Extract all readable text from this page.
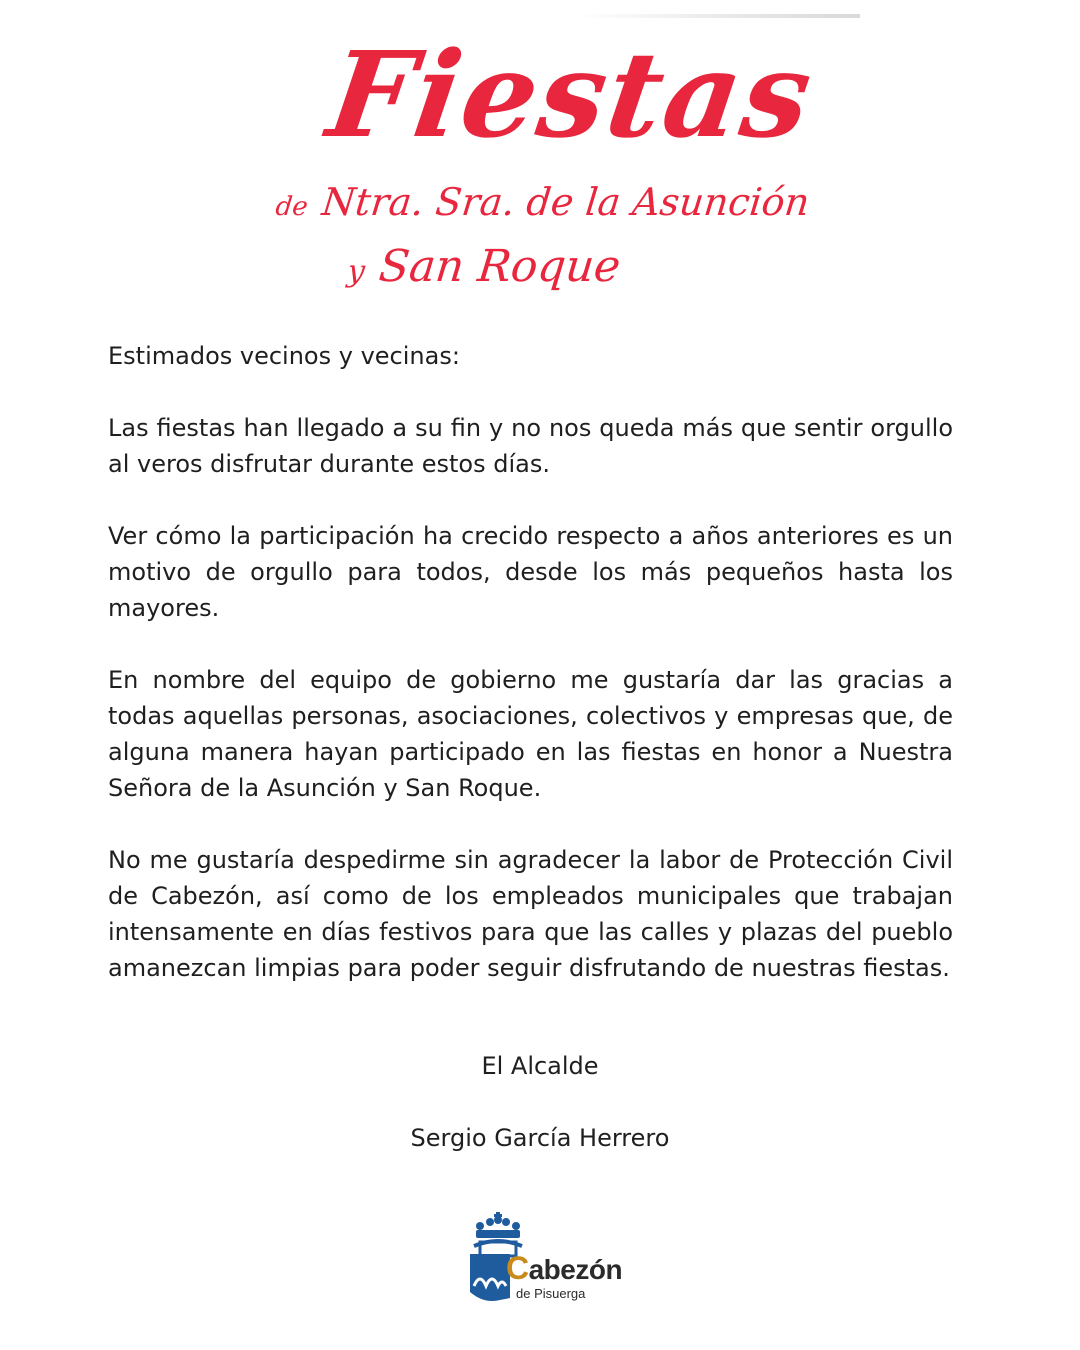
Fiestas
de Ntra. Sra. de la Asunción
y San Roque

Estimados vecinos y vecinas:

Las fiestas han llegado a su fin y no nos queda más que sentir orgullo al veros disfrutar durante estos días.

Ver cómo la participación ha crecido respecto a años anteriores es un motivo de orgullo para todos, desde los más pequeños hasta los mayores.

En nombre del equipo de gobierno me gustaría dar las gracias a todas aquellas personas, asociaciones, colectivos y empresas que, de alguna manera hayan participado en las fiestas en honor a Nuestra Señora de la Asunción y San Roque.

No me gustaría despedirme sin agradecer la labor de Protección Civil de Cabezón, así como de los empleados municipales que trabajan intensamente en días festivos para que las calles y plazas del pueblo amanezcan limpias para poder seguir disfrutando de nuestras fiestas.

El Alcalde
Sergio García Herrero
Cabezón
de Pisuerga
